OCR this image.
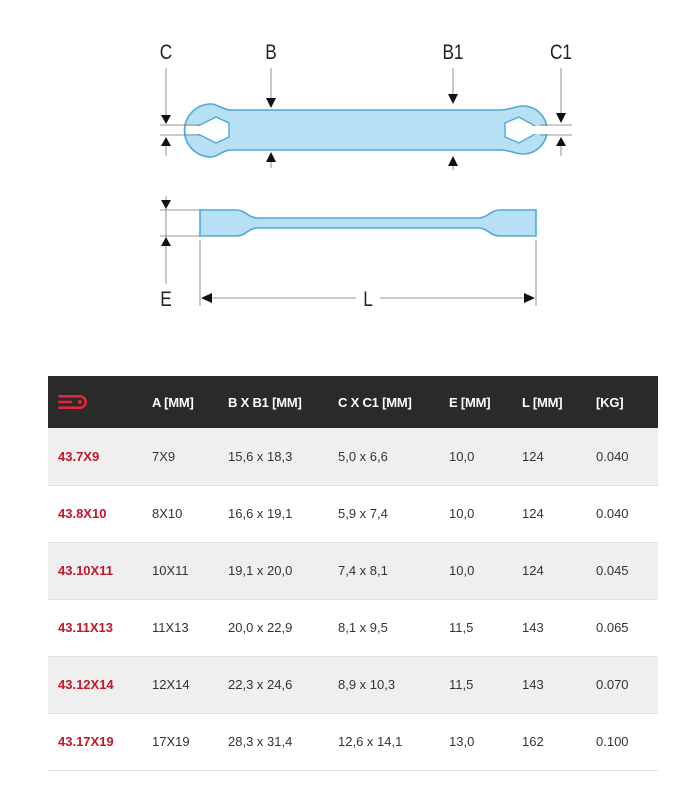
C	B	B1	C1
E	L
	A [MM]	B X B1 [MM]	C X C1 [MM]	E [MM]	L [MM]	[KG]
43.7X9	7X9	15,6 x 18,3	5,0 x 6,6	10,0	124	0.040
43.8X10	8X10	16,6 x 19,1	5,9 x 7,4	10,0	124	0.040
43.10X11	10X11	19,1 x 20,0	7,4 x 8,1	10,0	124	0.045
43.11X13	11X13	20,0 x 22,9	8,1 x 9,5	11,5	143	0.065
43.12X14	12X14	22,3 x 24,6	8,9 x 10,3	11,5	143	0.070
43.17X19	17X19	28,3 x 31,4	12,6 x 14,1	13,0	162	0.100
